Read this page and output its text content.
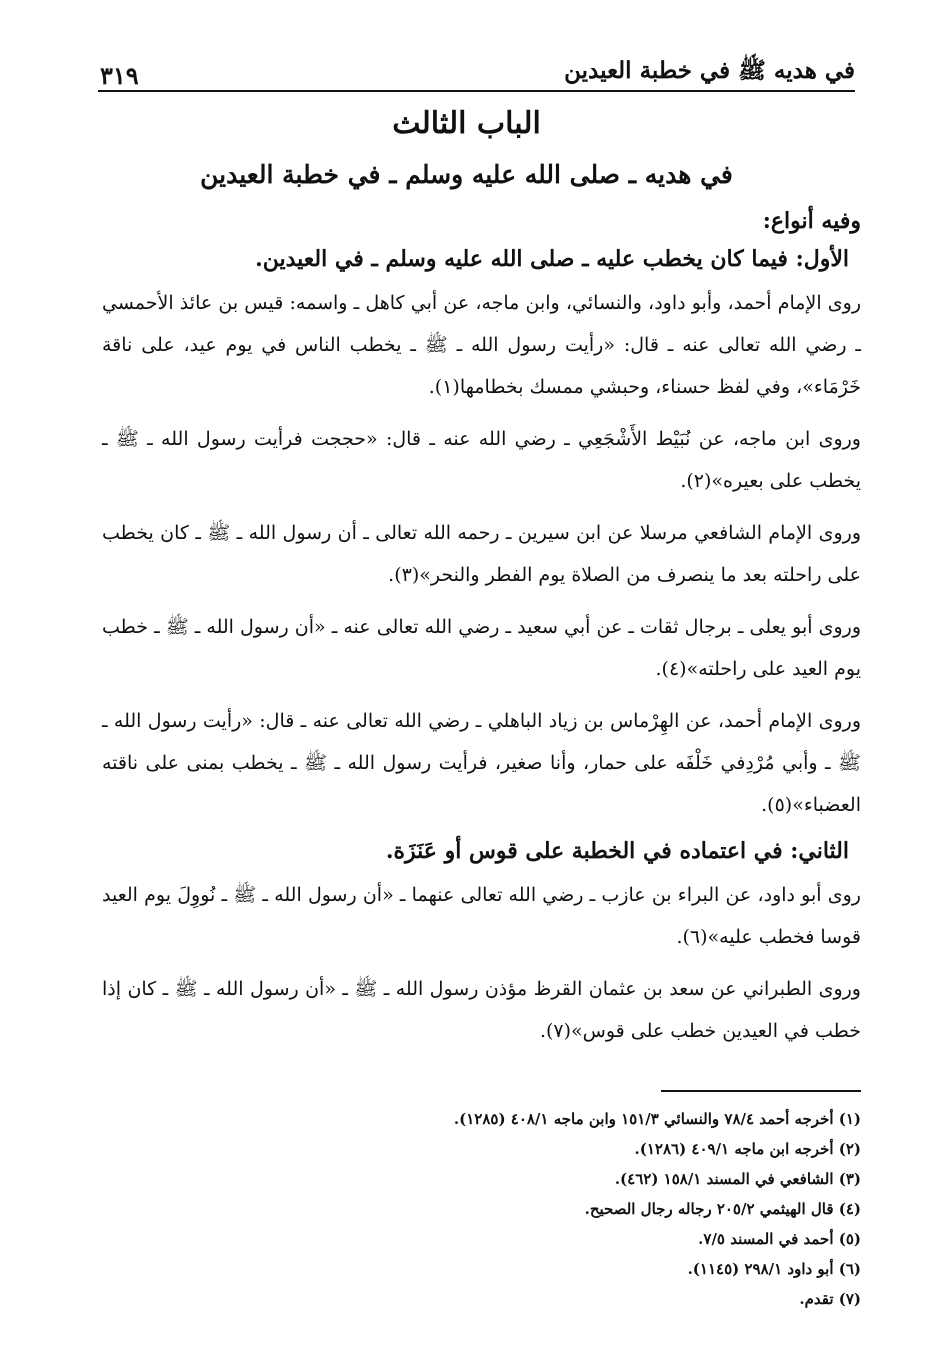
في هديه ﷺ في خطبة العيدين
٣١٩
الباب الثالث
في هديه ـ صلى الله عليه وسلم ـ في خطبة العيدين

وفيه أنواع:

الأول: فيما كان يخطب عليه ـ صلى الله عليه وسلم ـ في العيدين.

روى الإمام أحمد، وأبو داود، والنسائي، وابن ماجه، عن أبي كاهل ـ واسمه: قيس بن عائذ الأحمسي ـ رضي الله تعالى عنه ـ قال: «رأيت رسول الله ـ ﷺ ـ يخطب الناس في يوم عيد، على ناقة خَرْمَاء»، وفي لفظ حسناء، وحبشي ممسك بخطامها(١).

وروى ابن ماجه، عن نُبَيْط الأَشْجَعِي ـ رضي الله عنه ـ قال: «حججت فرأيت رسول الله ـ ﷺ ـ يخطب على بعيره»(٢).

وروى الإمام الشافعي مرسلا عن ابن سيرين ـ رحمه الله تعالى ـ أن رسول الله ـ ﷺ ـ كان يخطب على راحلته بعد ما ينصرف من الصلاة يوم الفطر والنحر»(٣).

وروى أبو يعلى ـ برجال ثقات ـ عن أبي سعيد ـ رضي الله تعالى عنه ـ «أن رسول الله ـ ﷺ ـ خطب يوم العيد على راحلته»(٤).

وروى الإمام أحمد، عن الهِرْماس بن زياد الباهلي ـ رضي الله تعالى عنه ـ قال: «رأيت رسول الله ـ ﷺ ـ وأبي مُرْدِفي خَلْفَه على حمار، وأنا صغير، فرأيت رسول الله ـ ﷺ ـ يخطب بمنى على ناقته العضباء»(٥).

الثاني: في اعتماده في الخطبة على قوس أو عَنَزَة.

روى أبو داود، عن البراء بن عازب ـ رضي الله تعالى عنهما ـ «أن رسول الله ـ ﷺ ـ نُووِلَ يوم العيد قوسا فخطب عليه»(٦).

وروى الطبراني عن سعد بن عثمان القرظ مؤذن رسول الله ـ ﷺ ـ «أن رسول الله ـ ﷺ ـ كان إذا خطب في العيدين خطب على قوس»(٧).

(١) أخرجه أحمد ٧٨/٤ والنسائي ١٥١/٣ وابن ماجه ٤٠٨/١ (١٢٨٥).

(٢) أخرجه ابن ماجه ٤٠٩/١ (١٢٨٦).

(٣) الشافعي في المسند ١٥٨/١ (٤٦٢).

(٤) قال الهيثمي ٢٠٥/٢ رجاله رجال الصحيح.

(٥) أحمد في المسند ٧/٥.

(٦) أبو داود ٢٩٨/١ (١١٤٥).

(٧) تقدم.
